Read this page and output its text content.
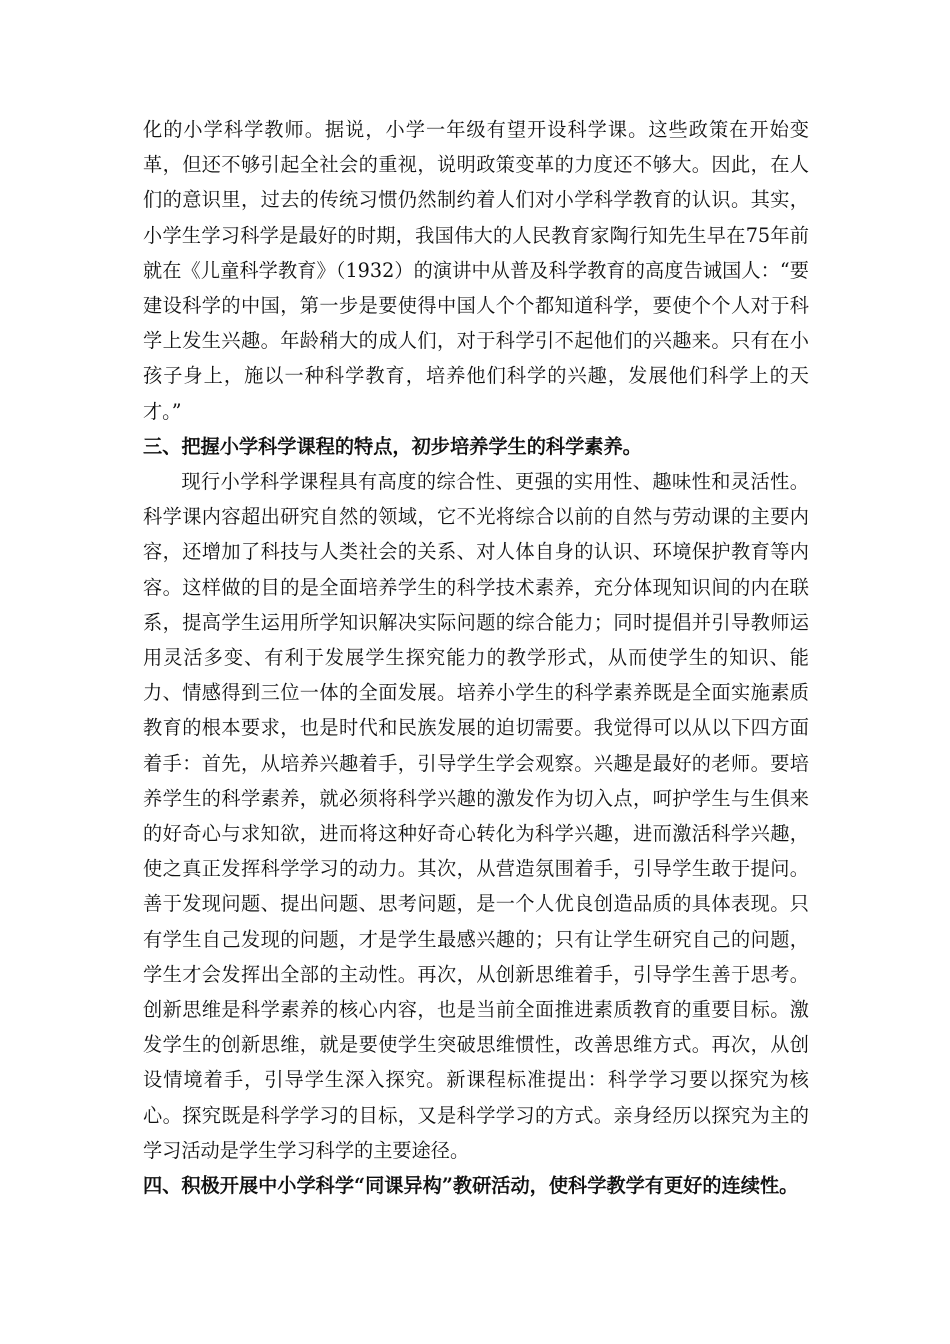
化的小学科学教师。据说，小学一年级有望开设科学课。这些政策在开始变革，但还不够引起全社会的重视，说明政策变革的力度还不够大。因此，在人们的意识里，过去的传统习惯仍然制约着人们对小学科学教育的认识。其实，小学生学习科学是最好的时期，我国伟大的人民教育家陶行知先生早在75年前就在《儿童科学教育》（1932）的演讲中从普及科学教育的高度告诫国人：“要建设科学的中国，第一步是要使得中国人个个都知道科学，要使个个人对于科学上发生兴趣。年龄稍大的成人们，对于科学引不起他们的兴趣来。只有在小孩子身上，施以一种科学教育，培养他们科学的兴趣，发展他们科学上的天才。”

三、把握小学科学课程的特点，初步培养学生的科学素养。

现行小学科学课程具有高度的综合性、更强的实用性、趣味性和灵活性。科学课内容超出研究自然的领域，它不光将综合以前的自然与劳动课的主要内容，还增加了科技与人类社会的关系、对人体自身的认识、环境保护教育等内容。这样做的目的是全面培养学生的科学技术素养，充分体现知识间的内在联系，提高学生运用所学知识解决实际问题的综合能力；同时提倡并引导教师运用灵活多变、有利于发展学生探究能力的教学形式，从而使学生的知识、能力、情感得到三位一体的全面发展。培养小学生的科学素养既是全面实施素质教育的根本要求，也是时代和民族发展的迫切需要。我觉得可以从以下四方面着手：首先，从培养兴趣着手，引导学生学会观察。兴趣是最好的老师。要培养学生的科学素养，就必须将科学兴趣的激发作为切入点，呵护学生与生俱来的好奇心与求知欲，进而将这种好奇心转化为科学兴趣，进而激活科学兴趣，使之真正发挥科学学习的动力。其次，从营造氛围着手，引导学生敢于提问。善于发现问题、提出问题、思考问题，是一个人优良创造品质的具体表现。只有学生自己发现的问题，才是学生最感兴趣的；只有让学生研究自己的问题，学生才会发挥出全部的主动性。再次，从创新思维着手，引导学生善于思考。创新思维是科学素养的核心内容，也是当前全面推进素质教育的重要目标。激发学生的创新思维，就是要使学生突破思维惯性，改善思维方式。再次，从创设情境着手，引导学生深入探究。新课程标准提出：科学学习要以探究为核心。探究既是科学学习的目标，又是科学学习的方式。亲身经历以探究为主的学习活动是学生学习科学的主要途径。

四、积极开展中小学科学“同课异构”教研活动，使科学教学有更好的连续性。
